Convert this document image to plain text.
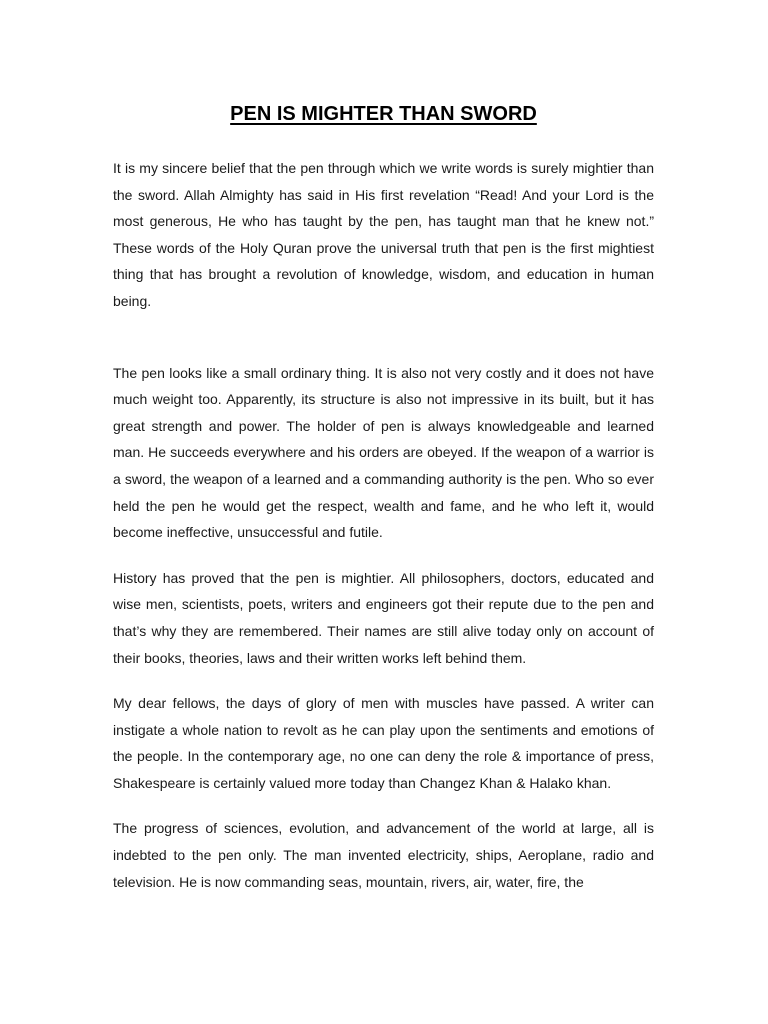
PEN IS MIGHTER THAN SWORD

It is my sincere belief that the pen through which we write words is surely mightier than the sword. Allah Almighty has said in His first revelation “Read! And your Lord is the most generous, He who has taught by the pen, has taught man that he knew not.” These words of the Holy Quran prove the universal truth that pen is the first mightiest thing that has brought a revolution of knowledge, wisdom, and education in human being.

The pen looks like a small ordinary thing. It is also not very costly and it does not have much weight too. Apparently, its structure is also not impressive in its built, but it has great strength and power. The holder of pen is always knowledgeable and learned man. He succeeds everywhere and his orders are obeyed. If the weapon of a warrior is a sword, the weapon of a learned and a commanding authority is the pen. Who so ever held the pen he would get the respect, wealth and fame, and he who left it, would become ineffective, unsuccessful and futile.

History has proved that the pen is mightier. All philosophers, doctors, educated and wise men, scientists, poets, writers and engineers got their repute due to the pen and that’s why they are remembered. Their names are still alive today only on account of their books, theories, laws and their written works left behind them.

My dear fellows, the days of glory of men with muscles have passed. A writer can instigate a whole nation to revolt as he can play upon the sentiments and emotions of the people. In the contemporary age, no one can deny the role & importance of press, Shakespeare is certainly valued more today than Changez Khan & Halako khan.

The progress of sciences, evolution, and advancement of the world at large, all is indebted to the pen only. The man invented electricity, ships, Aeroplane, radio and television. He is now commanding seas, mountain, rivers, air, water, fire, the
